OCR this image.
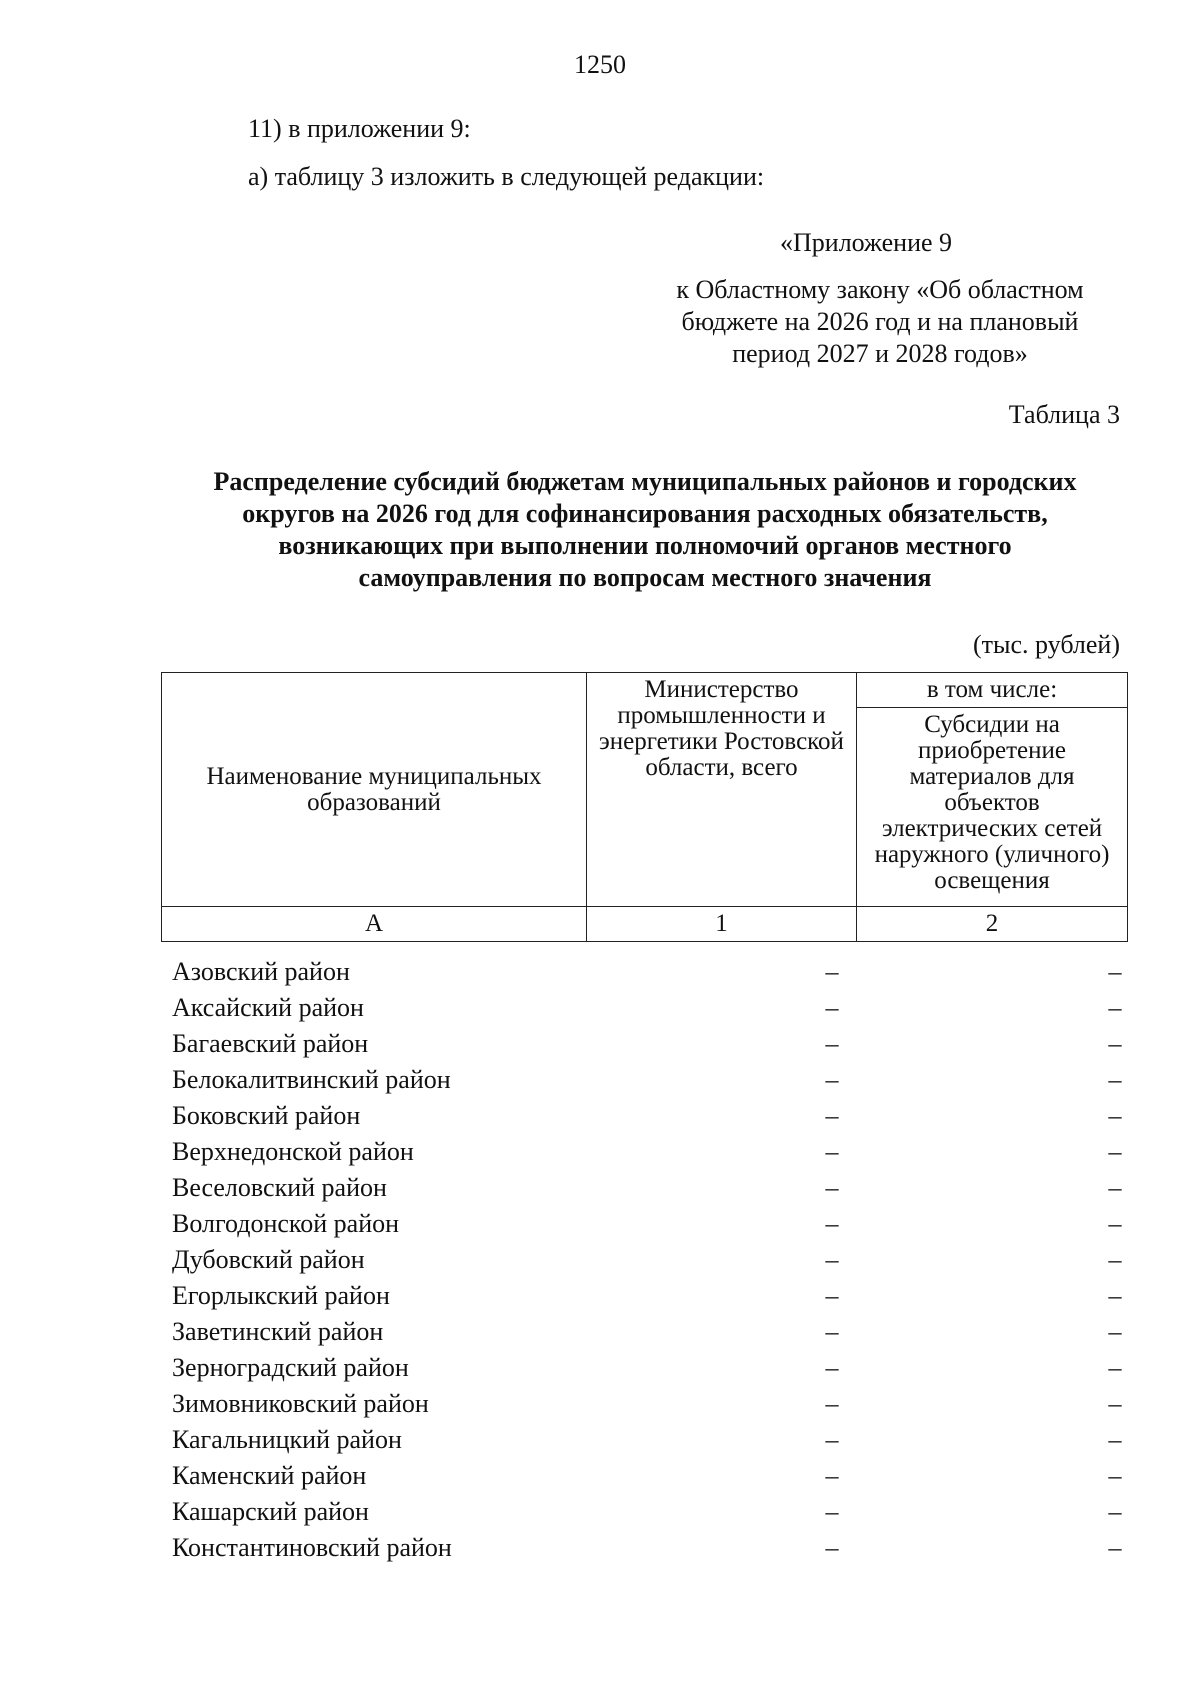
1250
11) в приложении 9:
а) таблицу 3 изложить в следующей редакции:
«Приложение 9
к Областному закону «Об областном
бюджете на 2026 год и на плановый
период 2027 и 2028 годов»
Таблица 3
Распределение субсидий бюджетам муниципальных районов и городских
округов на 2026 год для софинансирования расходных обязательств,
возникающих при выполнении полномочий органов местного
самоуправления по вопросам местного значения
(тыс. рублей)
Наименование муниципальных образований	Министерство промышленности и энергетики Ростовской области, всего	в том числе:
		Субсидии на приобретение материалов для объектов электрических сетей наружного (уличного) освещения
А	1	2
Азовский район	–	–
Аксайский район	–	–
Багаевский район	–	–
Белокалитвинский район	–	–
Боковский район	–	–
Верхнедонской район	–	–
Веселовский район	–	–
Волгодонской район	–	–
Дубовский район	–	–
Егорлыкский район	–	–
Заветинский район	–	–
Зерноградский район	–	–
Зимовниковский район	–	–
Кагальницкий район	–	–
Каменский район	–	–
Кашарский район	–	–
Константиновский район	–	–
